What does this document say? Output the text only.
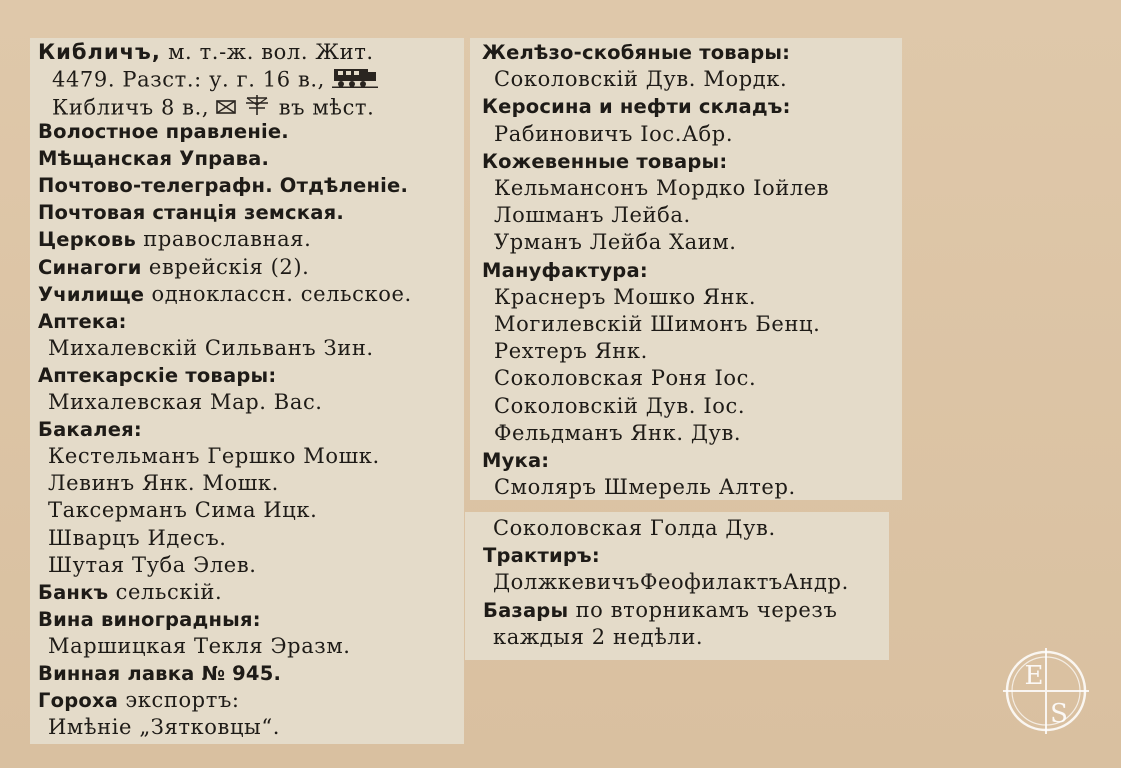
Кибличъ, м. т.-ж. вол. Жит.
4479. Разст.: у. г. 16 в.,
Кибличъ 8 в.,	въ мѣст.
Волостное правленіе.
Мѣщанская Управа.
Почтово-телеграфн. Отдѣленіе.
Почтовая станція земская.
Церковь православная.
Синагоги еврейскія (2).
Училище одноклассн. сельское.
Аптека:
Михалевскій Сильванъ Зин.
Аптекарскіе товары:
Михалевская Мар. Вас.
Бакалея:
Кестельманъ Гершко Мошк.
Левинъ Янк. Мошк.
Таксерманъ Сима Ицк.
Шварцъ Идесъ.
Шутая Туба Элев.
Банкъ сельскій.
Вина виноградныя:
Маршицкая Текля Эразм.
Винная лавка № 945.
Гороха экспортъ:
Имѣніе „Зятковцы“.
Желѣзо-скобяные товары:
Соколовскій Дув. Мордк.
Керосина и нефти складъ:
Рабиновичъ Іос.Абр.
Кожевенные товары:
Кельмансонъ Мордко Іойлев
Лошманъ Лейба.
Урманъ Лейба Хаим.
Мануфактура:
Краснеръ Мошко Янк.
Могилевскій Шимонъ Бенц.
Рехтеръ Янк.
Соколовская Роня Іос.
Соколовскій Дув. Іос.
Фельдманъ Янк. Дув.
Мука:
Смоляръ Шмерель Алтер.
Соколовская Голда Дув.
Трактиръ:
ДолжкевичъФеофилактъАндр.
Базары по вторникамъ черезъ
каждыя 2 недѣли.
E
S
